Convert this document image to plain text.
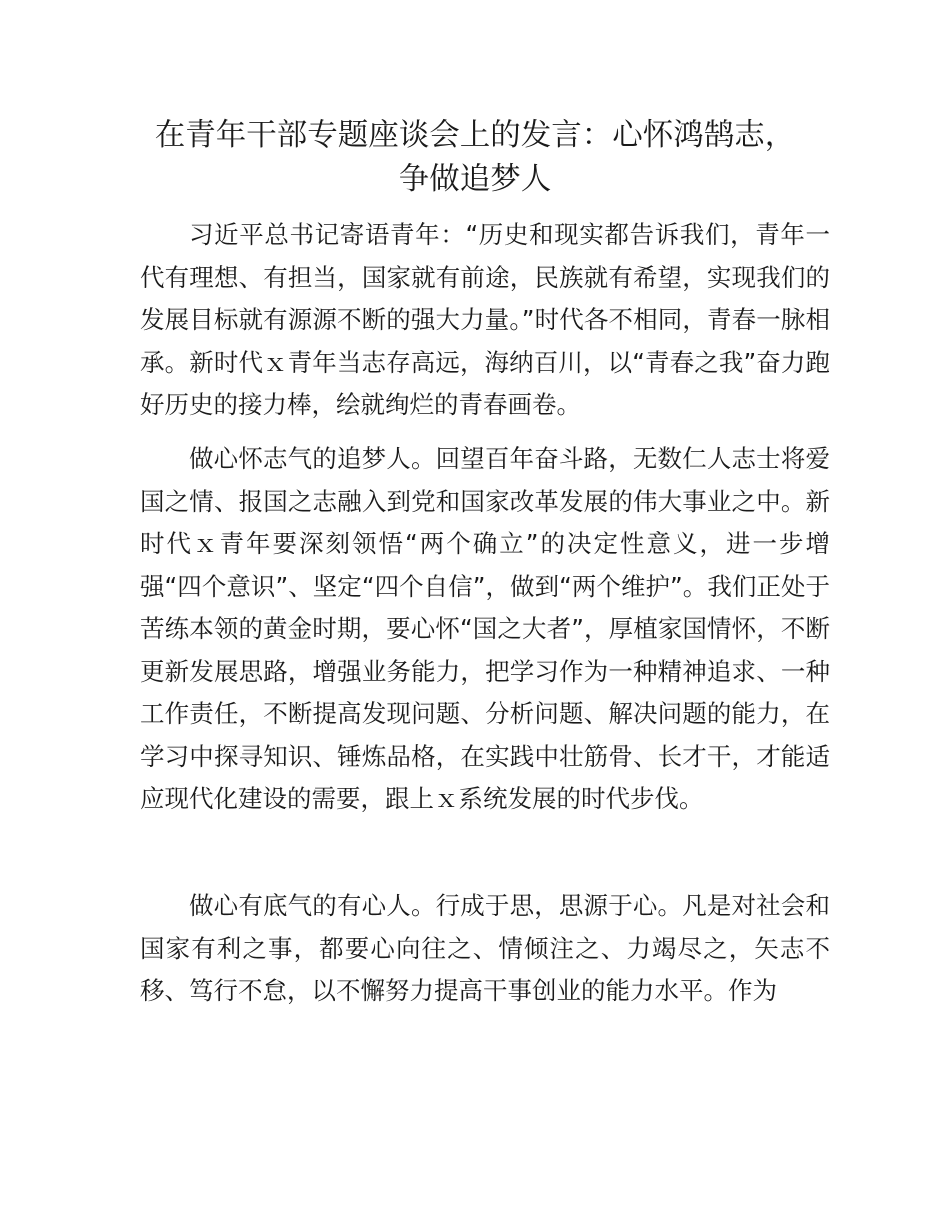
在青年干部专题座谈会上的发言：心怀鸿鹄志，
争做追梦人

习近平总书记寄语青年：“历史和现实都告诉我们，青年一代有理想、有担当，国家就有前途，民族就有希望，实现我们的发展目标就有源源不断的强大力量。”时代各不相同，青春一脉相承。新时代ｘ青年当志存高远，海纳百川，以“青春之我”奋力跑好历史的接力棒，绘就绚烂的青春画卷。

做心怀志气的追梦人。回望百年奋斗路，无数仁人志士将爱国之情、报国之志融入到党和国家改革发展的伟大事业之中。新时代ｘ青年要深刻领悟“两个确立”的决定性意义，进一步增强“四个意识”、坚定“四个自信”，做到“两个维护”。我们正处于苦练本领的黄金时期，要心怀“国之大者”，厚植家国情怀，不断更新发展思路，增强业务能力，把学习作为一种精神追求、一种工作责任，不断提高发现问题、分析问题、解决问题的能力，在学习中探寻知识、锤炼品格，在实践中壮筋骨、长才干，才能适应现代化建设的需要，跟上ｘ系统发展的时代步伐。

做心有底气的有心人。行成于思，思源于心。凡是对社会和国家有利之事，都要心向往之、情倾注之、力竭尽之，矢志不移、笃行不怠，以不懈努力提高干事创业的能力水平。作为
